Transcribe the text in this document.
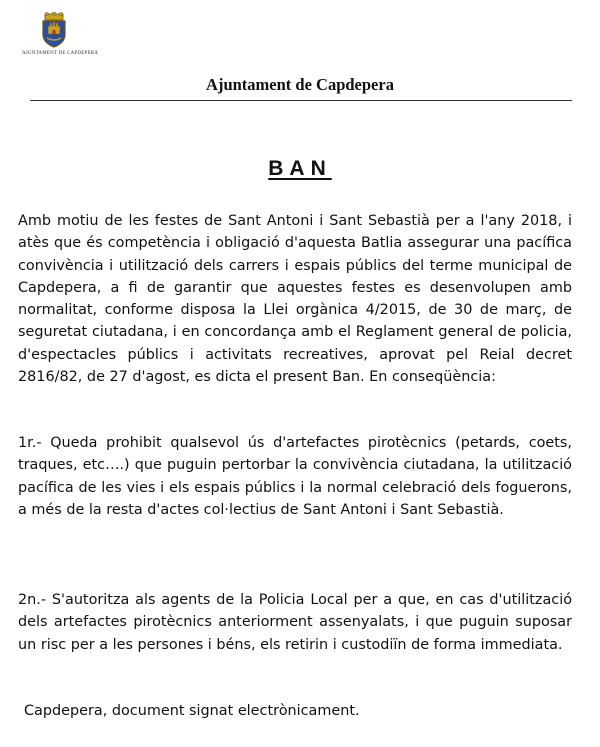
AJUNTAMENT DE CAPDEPERA
Ajuntament de Capdepera
BAN
Amb motiu de les festes de Sant Antoni i Sant Sebastià per a l'any 2018, i atès que és competència i obligació d'aquesta Batlia assegurar una pacífica convivència i utilització dels carrers i espais públics del terme municipal de Capdepera, a fi de garantir que aquestes festes es desenvolupen amb normalitat, conforme disposa la Llei orgànica 4/2015, de 30 de març, de seguretat ciutadana, i en concordança amb el Reglament general de policia, d'espectacles públics i activitats recreatives, aprovat pel Reial decret 2816/82, de 27 d'agost, es dicta el present Ban. En conseqüència:
1r.- Queda prohibit qualsevol ús d'artefactes pirotècnics (petards, coets, traques, etc….) que puguin pertorbar la convivència ciutadana, la utilització pacífica de les vies i els espais públics i la normal celebració dels foguerons, a més de la resta d'actes col·lectius de Sant Antoni i Sant Sebastià.
2n.- S'autoritza als agents de la Policia Local per a que, en cas d'utilització dels artefactes pirotècnics anteriorment assenyalats, i que puguin suposar un risc per a les persones i béns, els retirin i custodiïn de forma immediata.
Capdepera, document signat electrònicament.
